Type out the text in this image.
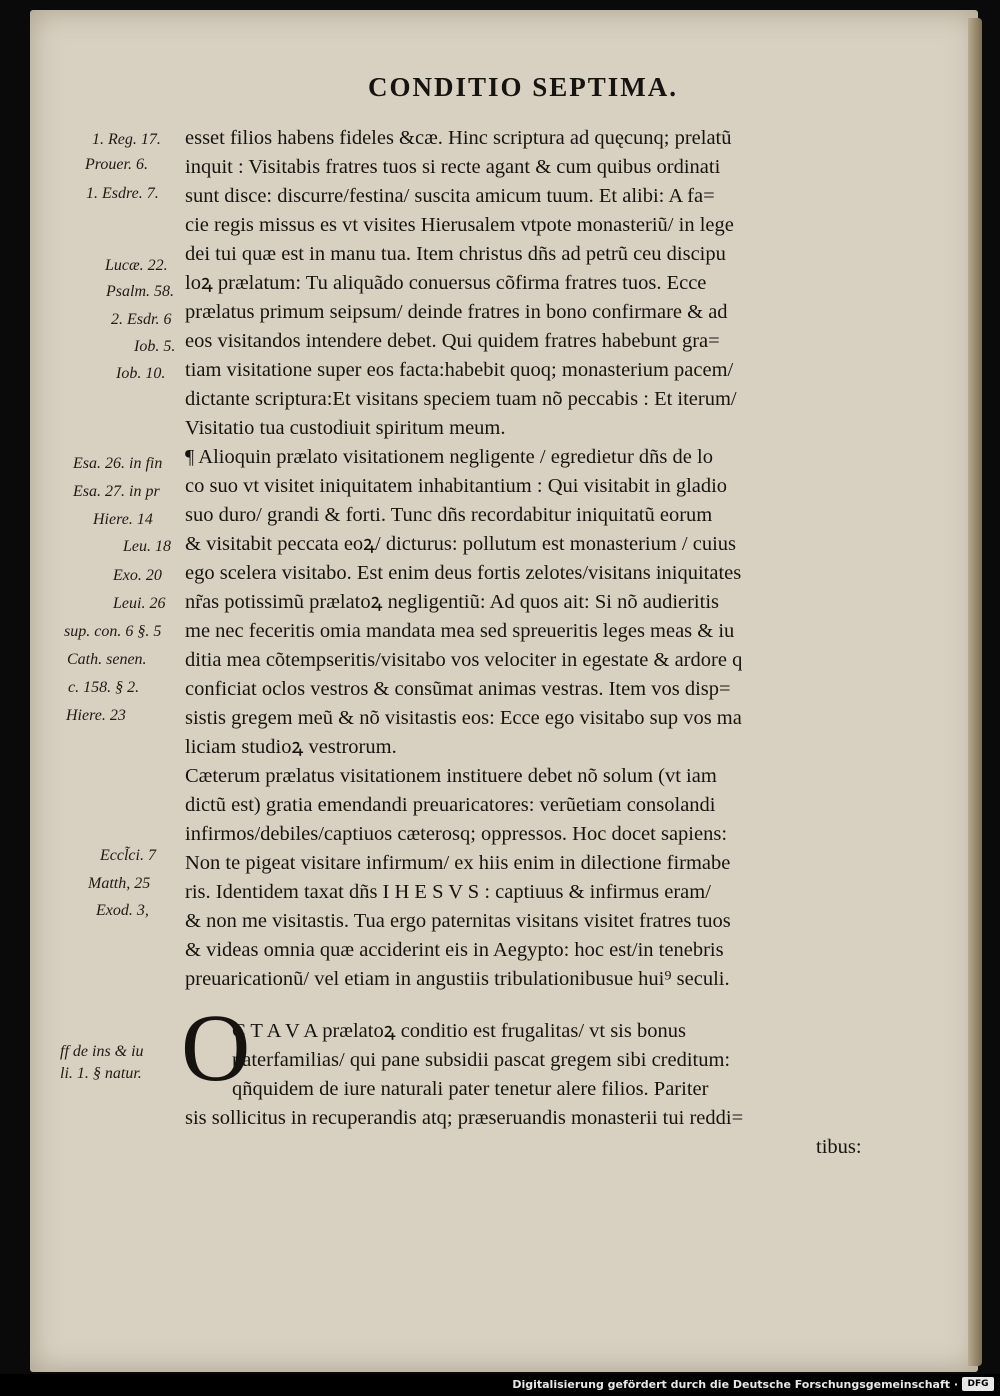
CONDITIO SEPTIMA.
esset filios habens fideles &cæ. Hinc scriptura ad quęcunq; prelatũ
inquit : Visitabis fratres tuos si recte agant & cum quibus ordinati
sunt disce: discurre/festina/ suscita amicum tuum. Et alibi: A fa=
cie regis missus es vt visites Hierusalem vtpote monasteriũ/ in lege
dei tui quæ est in manu tua. Item christus dñs ad petrũ ceu discipu
loꝝ prælatum: Tu aliquãdo conuersus cõfirma fratres tuos. Ecce
prælatus primum seipsum/ deinde fratres in bono confirmare & ad
eos visitandos intendere debet. Qui quidem fratres habebunt gra=
tiam visitatione super eos facta:habebit quoq; monasterium pacem/
dictante scriptura:Et visitans speciem tuam nõ peccabis : Et iterum/
Visitatio tua custodiuit spiritum meum.
¶ Alioquin prælato visitationem negligente / egredietur dñs de lo
co suo vt visitet iniquitatem inhabitantium : Qui visitabit in gladio
suo duro/ grandi & forti. Tunc dñs recordabitur iniquitatũ eorum
& visitabit peccata eoꝝ/ dicturus: pollutum est monasterium / cuius
ego scelera visitabo. Est enim deus fortis zelotes/visitans iniquitates
nr̃as potissimũ prælatoꝝ negligentiũ: Ad quos ait: Si nõ audieritis
me nec feceritis omia mandata mea sed spreueritis leges meas & iu
ditia mea cõtempseritis/visitabo vos velociter in egestate & ardore q
conficiat oclos vestros & consũmat animas vestras. Item vos disp=
sistis gregem meũ & nõ visitastis eos: Ecce ego visitabo sup vos ma
liciam studioꝝ vestrorum.
Cæterum prælatus visitationem instituere debet nõ solum (vt iam
dictũ est) gratia emendandi preuaricatores: verũetiam consolandi
infirmos/debiles/captiuos cæterosq; oppressos. Hoc docet sapiens:
Non te pigeat visitare infirmum/ ex hiis enim in dilectione firmabe
ris. Identidem taxat dñs I H E S V S : captiuus & infirmus eram/
& non me visitastis. Tua ergo paternitas visitans visitet fratres tuos
& videas omnia quæ acciderint eis in Aegypto: hoc est/in tenebris
preuaricationũ/ vel etiam in angustiis tribulationibusue hui⁹ seculi.
O
C T A V A prælatoꝝ conditio est frugalitas/ vt sis bonus
paterfamilias/ qui pane subsidii pascat gregem sibi creditum:
qñquidem de iure naturali pater tenetur alere filios. Pariter
sis sollicitus in recuperandis atq; præseruandis monasterii tui reddi=
tibus:
1. Reg. 17.
Prouer. 6.
1. Esdre. 7.
Lucæ. 22.
Psalm. 58.
2. Esdr. 6
Iob. 5.
Iob. 10.
Esa. 26. in fin
Esa. 27. in pr
Hiere. 14
Leu. 18
Exo. 20
Leui. 26
sup. con. 6 §. 5
Cath. senen.
c. 158. § 2.
Hiere. 23
Eccl̃ci. 7
Matth, 25
Exod. 3,
ff de ins & iu
li. 1. § natur.
Digitalisierung gefördert durch die Deutsche Forschungsgemeinschaft ·	DFG
